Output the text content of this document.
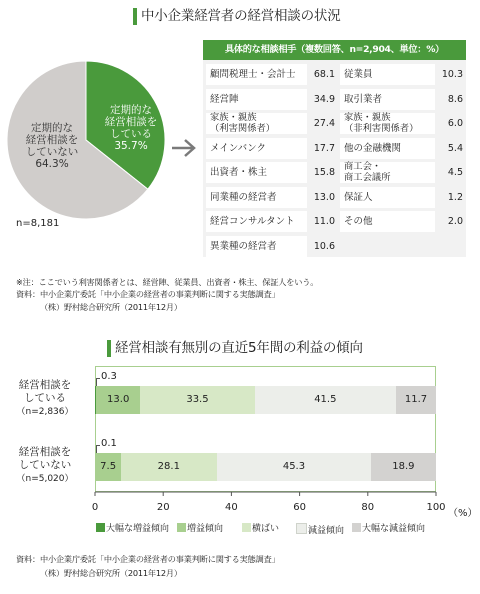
中小企業経営者の経営相談の状況
定期的な
経営相談を
している
35.7%
定期的な
経営相談を
していない
64.3%
n=8,181
具体的な相談相手（複数回答、n=2,904、単位：%）
顧問税理士・会計士	68.1
経営陣	34.9
家族・親族
（利害関係者）	27.4
メインバンク	17.7
出資者・株主	15.8
同業種の経営者	13.0
経営コンサルタント	11.0
異業種の経営者	10.6
従業員	10.3
取引業者	8.6
家族・親族
（非利害関係者）	6.0
他の金融機関	5.4
商工会・
商工会議所	4.5
保証人	1.2
その他	2.0
※注：ここでいう利害関係者とは、経営陣、従業員、出資者・株主、保証人をいう。
資料：中小企業庁委託「中小企業の経営者の事業判断に関する実態調査」
（株）野村総合研究所（2011年12月）
経営相談有無別の直近5年間の利益の傾向
経営相談を
している
（n=2,836）
経営相談を
していない
（n=5,020）
13.0	33.5	41.5	11.7
0.3
7.5	28.1	45.3	18.9
0.1
0	20	40	60	80	100
（%）
大幅な増益傾向	増益傾向	横ばい	減益傾向	大幅な減益傾向
資料：中小企業庁委託「中小企業の経営者の事業判断に関する実態調査」
（株）野村総合研究所（2011年12月）
